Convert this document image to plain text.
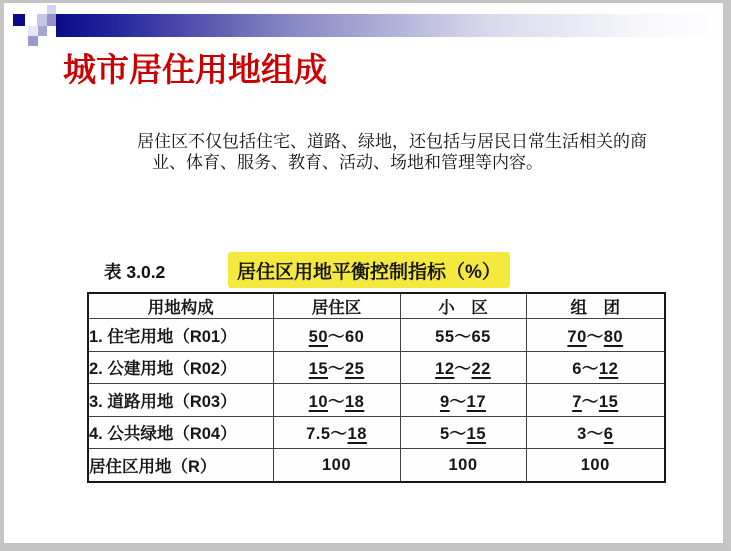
城市居住用地组成
居住区不仅包括住宅、道路、绿地，还包括与居民日常生活相关的商
业、体育、服务、教育、活动、场地和管理等内容。
表 3.0.2	居住区用地平衡控制指标（%）
用地构成	居住区	小　区	组　团
1. 住宅用地（R01）	50～60	55～65	70～80
2. 公建用地（R02）	15～25	12～22	6～12
3. 道路用地（R03）	10～18	9～17	7～15
4. 公共绿地（R04）	7.5～18	5～15	3～6
居住区用地（R）	100	100	100
